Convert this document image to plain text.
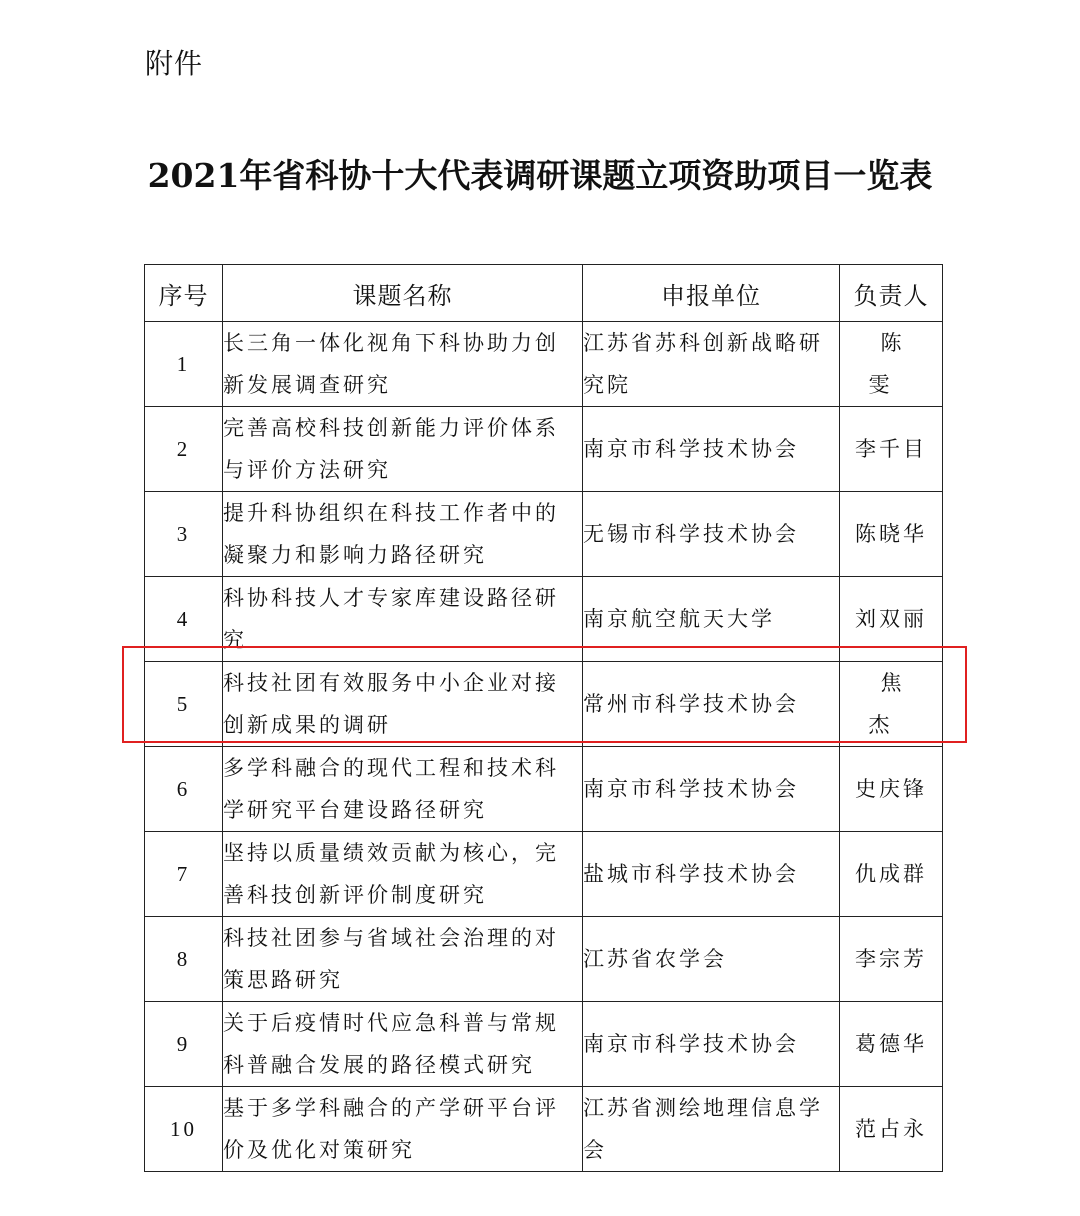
附件
2021年省科协十大代表调研课题立项资助项目一览表
序号	课题名称	申报单位	负责人
1	长三角一体化视角下科协助力创新发展调查研究	江苏省苏科创新战略研究院	陈 雯
2	完善高校科技创新能力评价体系与评价方法研究	南京市科学技术协会	李千目
3	提升科协组织在科技工作者中的凝聚力和影响力路径研究	无锡市科学技术协会	陈晓华
4	科协科技人才专家库建设路径研究	南京航空航天大学	刘双丽
5	科技社团有效服务中小企业对接创新成果的调研	常州市科学技术协会	焦 杰
6	多学科融合的现代工程和技术科学研究平台建设路径研究	南京市科学技术协会	史庆锋
7	坚持以质量绩效贡献为核心，完善科技创新评价制度研究	盐城市科学技术协会	仇成群
8	科技社团参与省域社会治理的对策思路研究	江苏省农学会	李宗芳
9	关于后疫情时代应急科普与常规科普融合发展的路径模式研究	南京市科学技术协会	葛德华
10	基于多学科融合的产学研平台评价及优化对策研究	江苏省测绘地理信息学会	范占永
